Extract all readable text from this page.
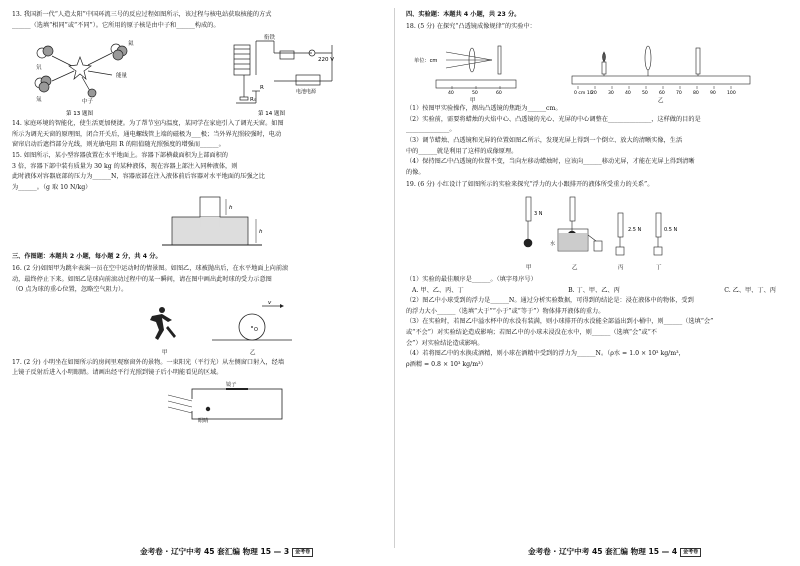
13. 我国新一代“人造太阳”中国环流三号的反应过程如图所示，该过程与核电站获取核能的方式
______（选填“相同”或“不同”）。它所用的原子核是由中子和______构成的。
氘
氚
氦
能量
中子
第 13 题图
衔铁
220 V
电池电源
R
R₀
第 14 题图
14. 家庭环境的智能化，使生活更加便捷。为了帮节室内温度，某同学在家庭引入了调光天窗。如图
所示为调光天窗的原理图，闭合开关后，通电螺线管上端的磁极为___极；当外界光照较强时，电动
窗帘启动后遮挡部分光线，则光敏电阻 R 的阻值随光照强度的增强而______。
15. 如图所示，某小型容器放置在水平地面上。容器下部横截面积为上部面积的
3 倍，容器下部中装有质量为 30 kg 的某种液体，现在容器上部注入同种液体，则
此时液体对容器底部的压力为______N，容器底部在注入液体前后容器对水平地面的压强之比
为______。（g 取 10 N/kg）
h
h
三、作图题：本题共 2 小题，每小题 2 分，共 4 分。
16. (2 分)如图甲为跳伞表演一员在空中运动时的情景图。如图乙，球被抛出后，在水平地面上向前滚
动，最终停止下来。如图乙是球向前滚动过程中的某一瞬间，请在图中画出此时球的受力示意图
（O 点为球的重心位置，忽略空气阻力）。
甲
v
O
乙
17. (2 分) 小明坐在如图所示的房间里观察窗外的景物。一束阳光（平行光）从左侧窗口射入，经墙
上镜子反射后进入小明眼睛。请画出经平行光照到镜子后小明能看见的区域。
镜子
眼睛
金考卷 · 辽宁中考 45 套汇编 物理 15 — 3 金考卷
四、实验题：本题共 4 小题，共 23 分。
18. (5 分) 在探究“凸透镜成像规律”的实验中：
单位：cm
40	50	60
甲
0 cm 10
20 30 40 50 60 70 80 90 100
乙
（1）按图甲实验操作，测出凸透镜的焦距为______cm。
（2）实验前，需要将蜡烛的火焰中心、凸透镜的光心、光屏的中心调整在______________，这样做的目的是
______________。
（3）调节蜡烛、凸透镜和光屏的位置如图乙所示，发现光屏上得到一个倒立、放大的清晰实像，生活
中的______就是利用了这样的成像原理。
（4）保持图乙中凸透镜的位置不变，当向左移动蜡烛时，应该向______移动光屏，才能在光屏上得到清晰
的像。
19. (6 分) 小红设计了如图所示的实验来探究“浮力的大小跟排开的液体所受重力的关系”。
3 N
2.5 N	0.5 N
水
甲	乙	丙	丁
（1）实验的最佳顺序是______。（填字母序号）
A. 甲、乙、丙、丁	B. 丁、甲、乙、丙	C. 乙、甲、丁、丙
（2）图乙中小球受到的浮力是______N。通过分析实验数据，可得到的结论是：浸在液体中的物体，受到
的浮力大小______（选填“大于”“小于”或“等于”）物体排开液体的重力。
（3）在实验时，若图乙中溢水杯中的水没有装满，则小球排开的水没能全部溢出到小桶中，则______（选填“会”
或“不会”）对实验结论造成影响；若图乙中的小球未浸没在水中，则______（选填“会”或“不
会”）对实验结论造成影响。
（4）若将图乙中的水换成酒精，则小球在酒精中受到的浮力为______N。（ρ水 = 1.0 × 10³ kg/m³，
ρ酒精 = 0.8 × 10³ kg/m³）
金考卷 · 辽宁中考 45 套汇编 物理 15 — 4 金考卷
